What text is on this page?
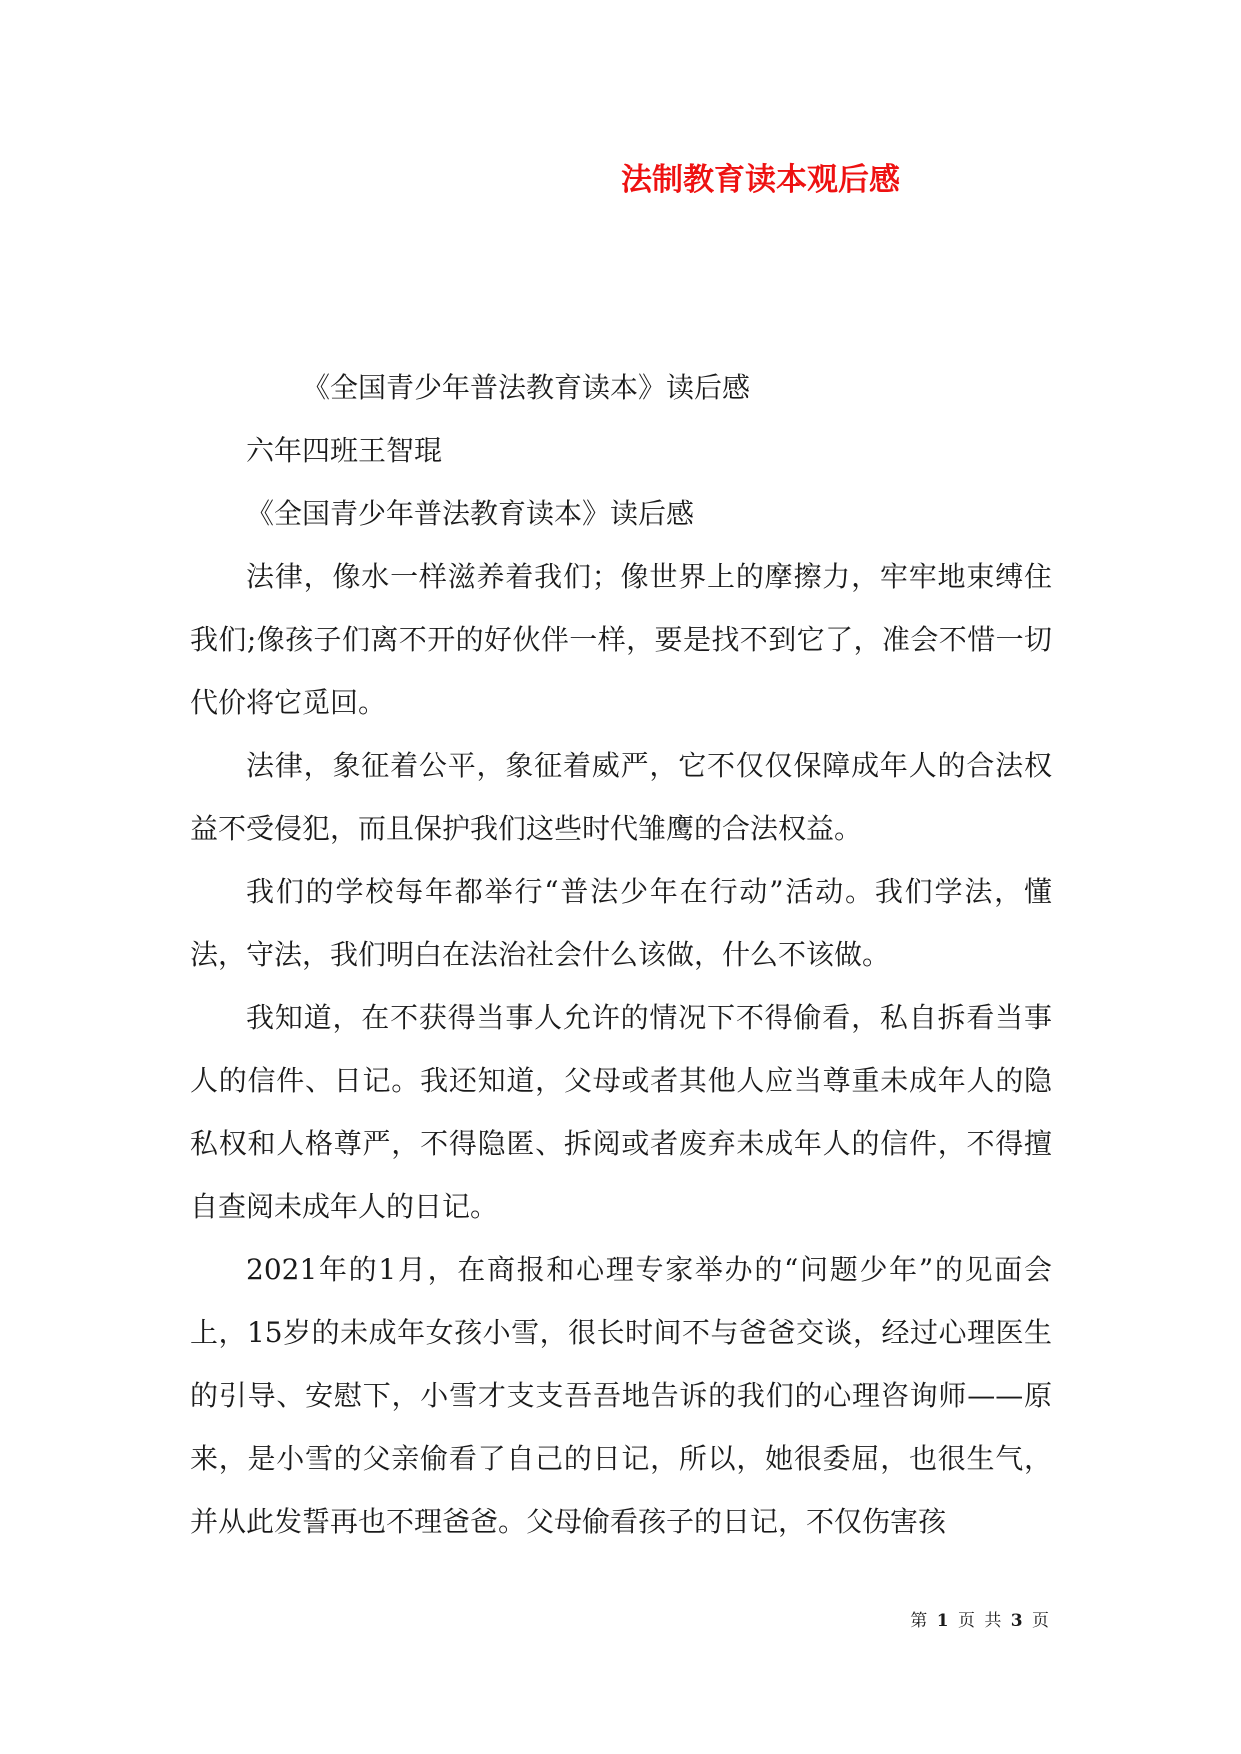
法制教育读本观后感

《全国青少年普法教育读本》读后感

六年四班王智琨

《全国青少年普法教育读本》读后感

法律，像水一样滋养着我们；像世界上的摩擦力，牢牢地束缚住我们;像孩子们离不开的好伙伴一样，要是找不到它了，准会不惜一切代价将它觅回。

法律，象征着公平，象征着威严，它不仅仅保障成年人的合法权益不受侵犯，而且保护我们这些时代雏鹰的合法权益。

我们的学校每年都举行“普法少年在行动”活动。我们学法，懂法，守法，我们明白在法治社会什么该做，什么不该做。

我知道，在不获得当事人允许的情况下不得偷看，私自拆看当事人的信件、日记。我还知道，父母或者其他人应当尊重未成年人的隐私权和人格尊严，不得隐匿、拆阅或者废弃未成年人的信件，不得擅自查阅未成年人的日记。

2021年的1月，在商报和心理专家举办的“问题少年”的见面会上，15岁的未成年女孩小雪，很长时间不与爸爸交谈，经过心理医生的引导、安慰下，小雪才支支吾吾地告诉的我们的心理咨询师——原来，是小雪的父亲偷看了自己的日记，所以，她很委屈，也很生气，并从此发誓再也不理爸爸。父母偷看孩子的日记，不仅伤害孩

第 1 页 共 3 页
